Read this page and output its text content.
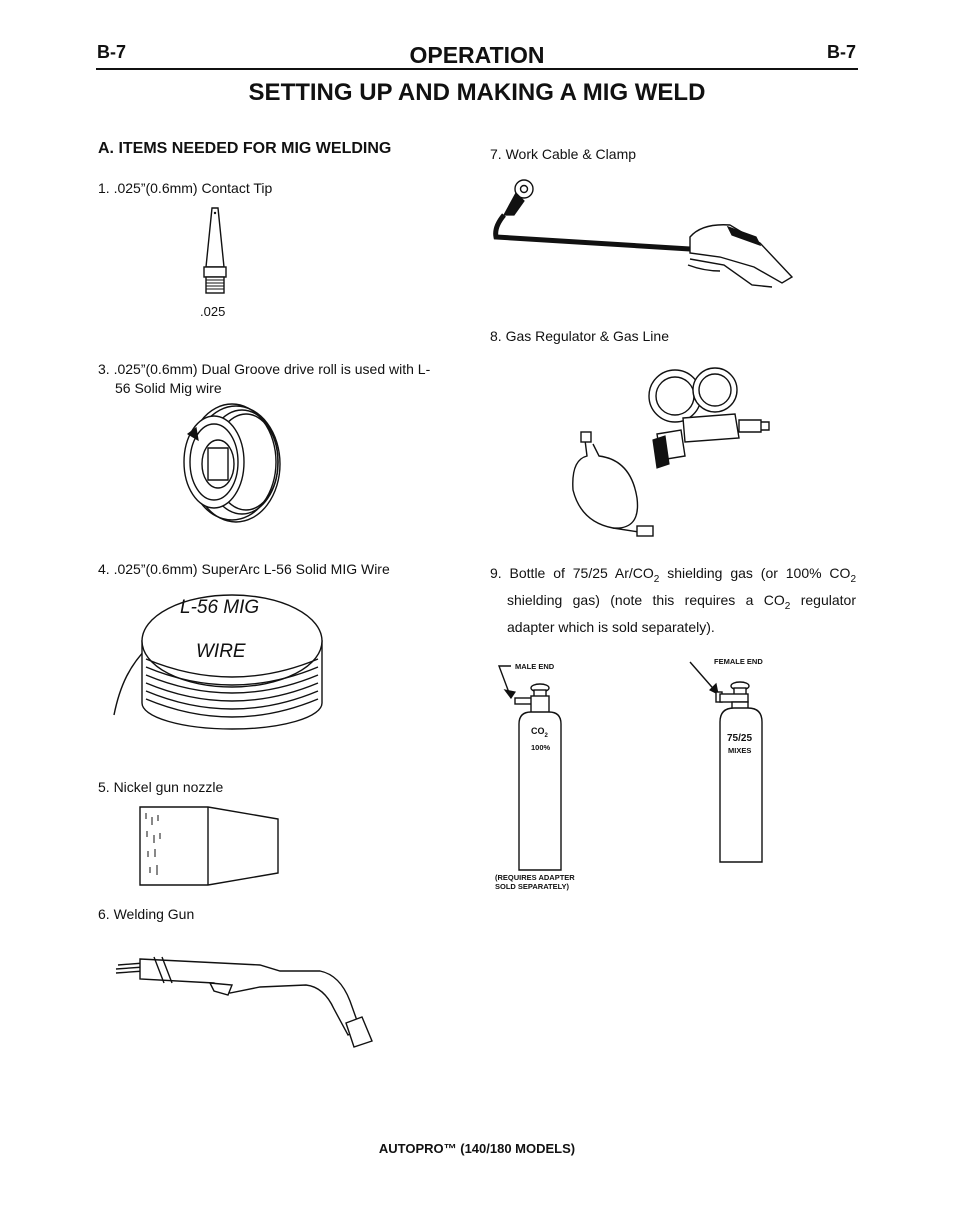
B-7	B-7
OPERATION
SETTING UP AND MAKING A MIG WELD
A. ITEMS NEEDED FOR MIG WELDING
1. .025”(0.6mm) Contact Tip
.025
3. .025”(0.6mm) Dual Groove drive roll is used with L-
56 Solid Mig wire
4. .025”(0.6mm) SuperArc L-56 Solid MIG Wire
5. Nickel gun nozzle
6. Welding Gun
7. Work Cable & Clamp
8. Gas Regulator & Gas Line
9. Bottle of 75/25 $Ar/CO_2$ shielding gas (or 100% $CO_2$
shielding gas) (note this requires a $CO_2$ regulator
adapter which is sold separately).
L-56 MIG
WIRE
MALE END
FEMALE END
$CO_2$
100%
(REQUIRES ADAPTER
SOLD SEPARATELY)
75/25
MIXES
AUTOPRO™ (140/180 MODELS)
